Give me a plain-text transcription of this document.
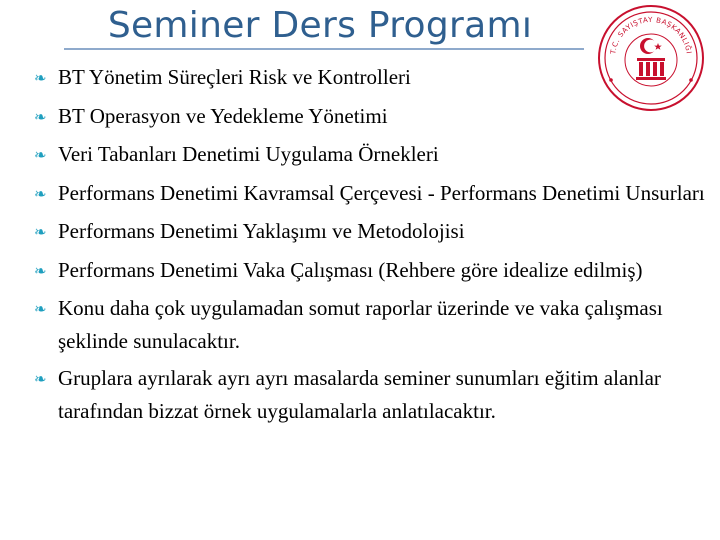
Seminer Ders Programı
T.C. SAYIŞTAY BAŞKANLIĞI
❧ BT Yönetim Süreçleri Risk ve Kontrolleri
❧ BT Operasyon ve Yedekleme Yönetimi
❧ Veri Tabanları Denetimi Uygulama Örnekleri
❧ Performans Denetimi Kavramsal Çerçevesi - Performans Denetimi Unsurları
❧ Performans Denetimi Yaklaşımı ve Metodolojisi
❧ Performans Denetimi Vaka Çalışması (Rehbere göre idealize edilmiş)
❧ Konu daha çok uygulamadan somut raporlar üzerinde ve vaka çalışması şeklinde sunulacaktır.
❧ Gruplara ayrılarak ayrı ayrı masalarda seminer sunumları eğitim alanlar tarafından bizzat örnek uygulamalarla anlatılacaktır.
